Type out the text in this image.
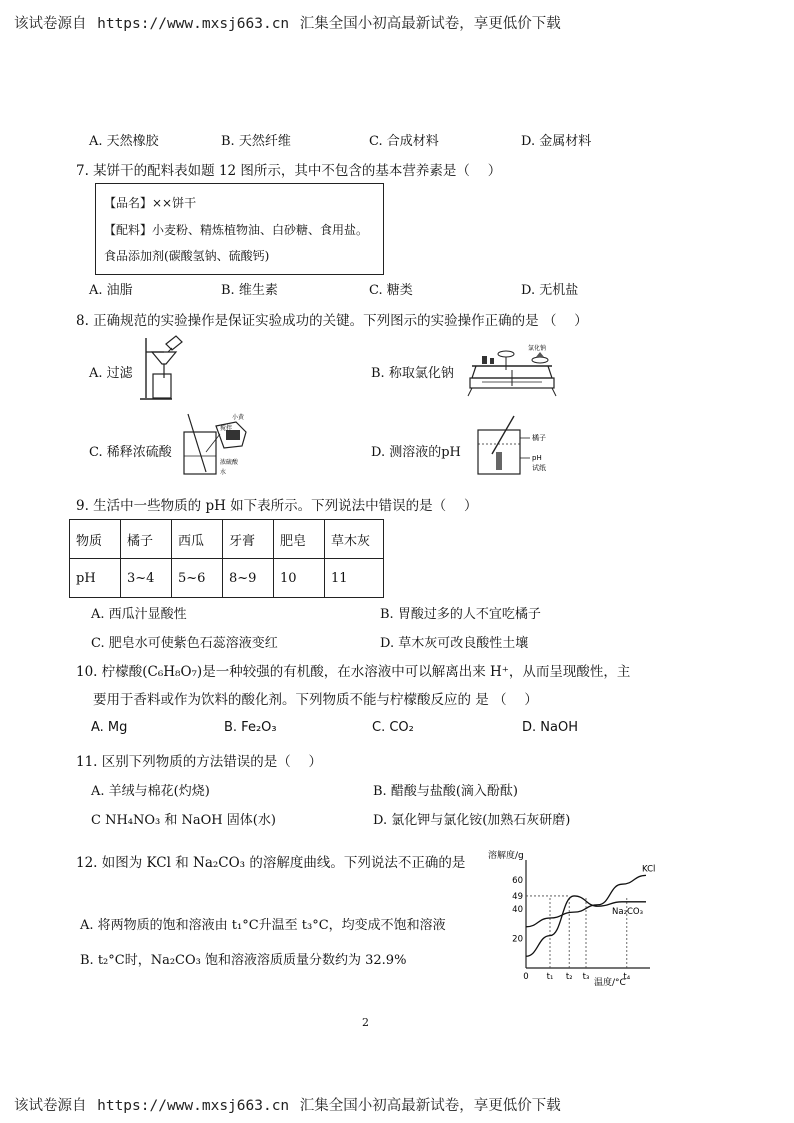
该试卷源自 https://www.mxsj663.cn 汇集全国小初高最新试卷，享更低价下载
A. 天然橡胶	B. 天然纤维	C. 合成材料	D. 金属材料
7. 某饼干的配料表如题 12 图所示，其中不包含的基本营养素是（　 ）
【品名】××饼干
【配料】小麦粉、精炼植物油、白砂糖、食用盐。
食品添加剂(碳酸氢钠、硫酸钙)
A. 油脂	B. 维生素	C. 糖类	D. 无机盐
8. 正确规范的实验操作是保证实验成功的关键。下列图示的实验操作正确的是 （　 ）
A. 过滤	B. 称取氯化钠
C. 稀释浓硫酸	D. 测溶液的pH
氯化钠
小黄
搅拌
浓硫酸
水
橘子
pH
试纸
9. 生活中一些物质的 pH 如下表所示。下列说法中错误的是（　 ）
物质	橘子	西瓜	牙膏	肥皂	草木灰
pH	3~4	5~6	8~9	10	11
A. 西瓜汁显酸性	B. 胃酸过多的人不宜吃橘子
C. 肥皂水可使紫色石蕊溶液变红	D. 草木灰可改良酸性土壤
10. 柠檬酸(C₆H₈O₇)是一种较强的有机酸，在水溶液中可以解离出来 H⁺，从而呈现酸性，主
要用于香料或作为饮料的酸化剂。下列物质不能与柠檬酸反应的 是 （　 ）
A. Mg	B. Fe₂O₃	C. CO₂	D. NaOH
11. 区别下列物质的方法错误的是（　 ）
A. 羊绒与棉花(灼烧)	B. 醋酸与盐酸(滴入酚酞)
C NH₄NO₃ 和 NaOH 固体(水)	D. 氯化钾与氯化铵(加熟石灰研磨)
12. 如图为 KCl 和 Na₂CO₃ 的溶解度曲线。下列说法不正确的是
A. 将两物质的饱和溶液由 t₁°C升温至 t₃°C，均变成不饱和溶液
B. t₂°C时，Na₂CO₃ 饱和溶液溶质质量分数约为 32.9%
溶解度/g
温度/°C
20
40
49
60
0 t₁ t₂ t₃	t₄
KCl
Na₂CO₃
2
该试卷源自 https://www.mxsj663.cn 汇集全国小初高最新试卷，享更低价下载
